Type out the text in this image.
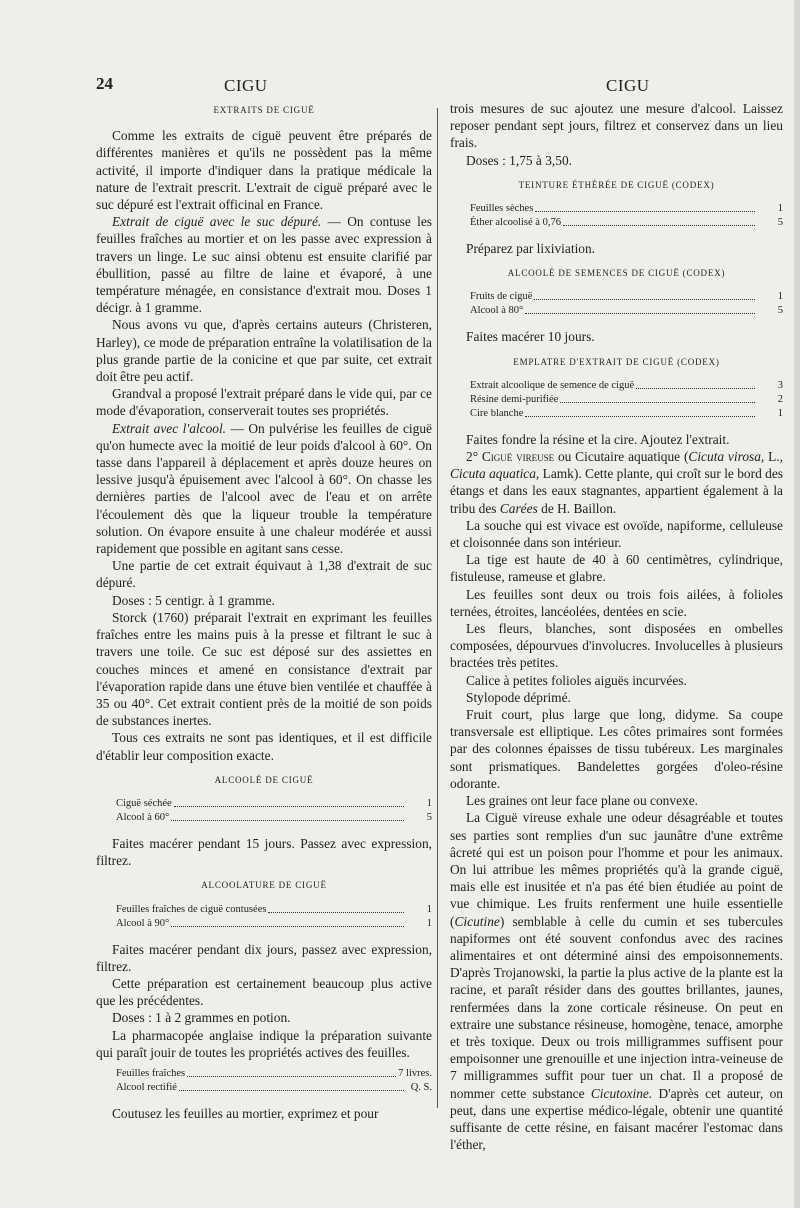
24	CIGU	CIGU
EXTRAITS DE CIGUË

Comme les extraits de ciguë peuvent être préparés de différentes manières et qu'ils ne possèdent pas la même activité, il importe d'indiquer dans la pratique médicale la nature de l'extrait prescrit. L'extrait de ciguë préparé avec le suc dépuré est l'extrait officinal en France.

Extrait de ciguë avec le suc dépuré. — On contuse les feuilles fraîches au mortier et on les passe avec expression à travers un linge. Le suc ainsi obtenu est ensuite clarifié par ébullition, passé au filtre de laine et évaporé, à une température ménagée, en consistance d'extrait mou. Doses 1 décigr. à 1 gramme.

Nous avons vu que, d'après certains auteurs (Christeren, Harley), ce mode de préparation entraîne la volatilisation de la plus grande partie de la conicine et que par suite, cet extrait doit être peu actif.

Grandval a proposé l'extrait préparé dans le vide qui, par ce mode d'évaporation, conserverait toutes ses propriétés.

Extrait avec l'alcool. — On pulvérise les feuilles de ciguë qu'on humecte avec la moitié de leur poids d'alcool à 60°. On tasse dans l'appareil à déplacement et après douze heures on lessive jusqu'à épuisement avec l'alcool à 60°. On chasse les dernières parties de l'alcool avec de l'eau et on arrête l'écoulement dès que la liqueur trouble la température solution. On évapore ensuite à une chaleur modérée et aussi rapidement que possible en agitant sans cesse.

Une partie de cet extrait équivaut à 1,38 d'extrait de suc dépuré.

Doses : 5 centigr. à 1 gramme.

Storck (1760) préparait l'extrait en exprimant les feuilles fraîches entre les mains puis à la presse et filtrant le suc à travers une toile. Ce suc est déposé sur des assiettes en couches minces et amené en consistance d'extrait par l'évaporation rapide dans une étuve bien ventilée et chauffée à 35 ou 40°. Cet extrait contient près de la moitié de son poids de substances inertes.

Tous ces extraits ne sont pas identiques, et il est difficile d'établir leur composition exacte.

ALCOOLÉ DE CIGUË
Ciguë séchée	1
Alcool à 60°	5

Faites macérer pendant 15 jours. Passez avec expression, filtrez.

ALCOOLATURE DE CIGUË
Feuilles fraîches de ciguë contusées	1
Alcool à 90°	1

Faites macérer pendant dix jours, passez avec expression, filtrez.

Cette préparation est certainement beaucoup plus active que les précédentes.

Doses : 1 à 2 grammes en potion.

La pharmacopée anglaise indique la préparation suivante qui paraît jouir de toutes les propriétés actives des feuilles.

Feuilles fraîches	7 livres.
Alcool rectifié	Q. S.

Coutusez les feuilles au mortier, exprimez et pour

trois mesures de suc ajoutez une mesure d'alcool. Laissez reposer pendant sept jours, filtrez et conservez dans un lieu frais.

Doses : 1,75 à 3,50.

TEINTURE ÉTHÉRÉE DE CIGUË (CODEX)
Feuilles sèches	1
Éther alcoolisé à 0,76	5

Préparez par lixiviation.

ALCOOLÉ DE SEMENCES DE CIGUË (CODEX)
Fruits de ciguë	1
Alcool à 80°	5

Faites macérer 10 jours.

EMPLATRE D'EXTRAIT DE CIGUË (CODEX)
Extrait alcoolique de semence de ciguë	3
Résine demi-purifiée	2
Cire blanche	1

Faites fondre la résine et la cire. Ajoutez l'extrait.

2° Ciguë vireuse ou Cicutaire aquatique (Cicuta virosa, L., Cicuta aquatica, Lamk). Cette plante, qui croît sur le bord des étangs et dans les eaux stagnantes, appartient également à la tribu des Carées de H. Baillon.

La souche qui est vivace est ovoïde, napiforme, celluleuse et cloisonnée dans son intérieur.

La tige est haute de 40 à 60 centimètres, cylindrique, fistuleuse, rameuse et glabre.

Les feuilles sont deux ou trois fois ailées, à folioles ternées, étroites, lancéolées, dentées en scie.

Les fleurs, blanches, sont disposées en ombelles composées, dépourvues d'involucres. Involucelles à plusieurs bractées très petites.

Calice à petites folioles aiguës incurvées.

Stylopode déprimé.

Fruit court, plus large que long, didyme. Sa coupe transversale est elliptique. Les côtes primaires sont formées par des colonnes épaisses de tissu tubéreux. Les marginales sont prismatiques. Bandelettes gorgées d'oleo-résine odorante.

Les graines ont leur face plane ou convexe.

La Ciguë vireuse exhale une odeur désagréable et toutes ses parties sont remplies d'un suc jaunâtre d'une extrême âcreté qui est un poison pour l'homme et pour les animaux. On lui attribue les mêmes propriétés qu'à la grande ciguë, mais elle est inusitée et n'a pas été bien étudiée au point de vue chimique. Les fruits renferment une huile essentielle (Cicutine) semblable à celle du cumin et ses tubercules napiformes ont été souvent confondus avec des racines alimentaires et ont déterminé ainsi des empoisonnements. D'après Trojanowski, la partie la plus active de la plante est la racine, et paraît résider dans des gouttes brillantes, jaunes, renfermées dans la zone corticale résineuse. On peut en extraire une substance résineuse, homogène, tenace, amorphe et très toxique. Deux ou trois milligrammes suffisent pour empoisonner une grenouille et une injection intra-veineuse de 7 milligrammes suffit pour tuer un chat. Il a proposé de nommer cette substance Cicutoxine. D'après cet auteur, on peut, dans une expertise médico-légale, obtenir une quantité suffisante de cette résine, en faisant macérer l'estomac dans l'éther,
